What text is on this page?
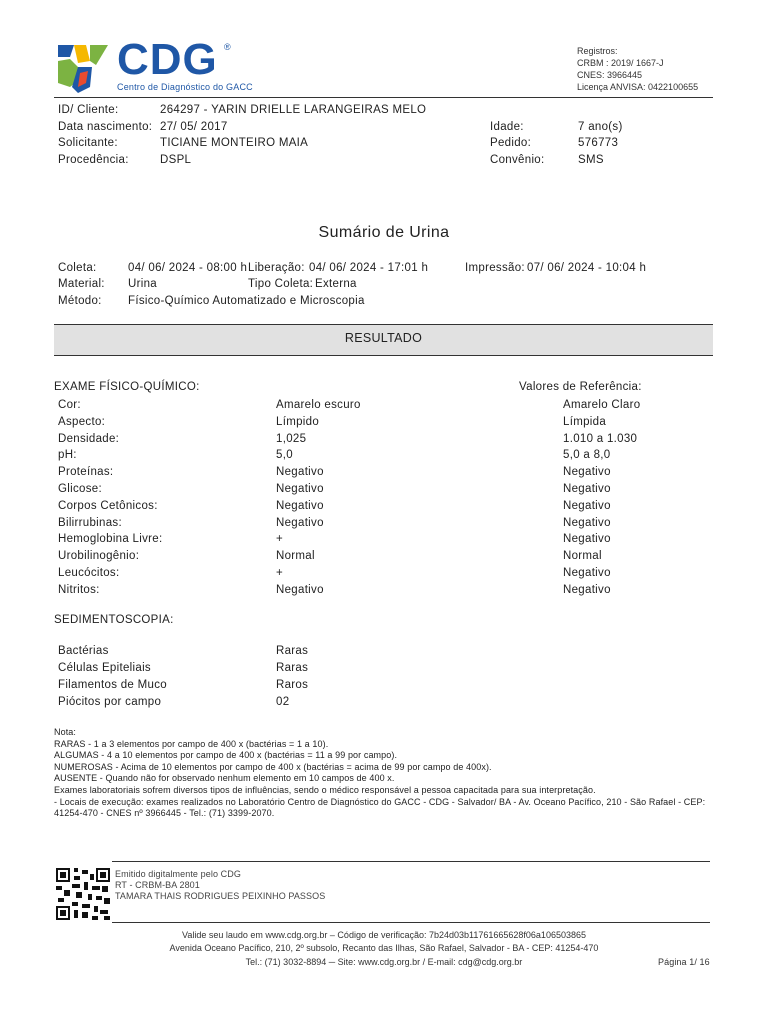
CDG ®
Centro de Diagnóstico do GACC
Registros:
CRBM : 2019/ 1667-J
CNES: 3966445
Licença ANVISA: 0422100655
ID/ Cliente:	264297 - YARIN DRIELLE LARANGEIRAS MELO
Data nascimento: 27/ 05/ 2017
Solicitante:	TICIANE MONTEIRO MAIA
Procedência:	DSPL
Idade:	7 ano(s)
Pedido:	576773
Convênio:	SMS
Sumário de Urina
Coleta:	04/ 06/ 2024 - 08:00 h Liberação: 04/ 06/ 2024 - 17:01 h	Impressão: 07/ 06/ 2024 - 10:04 h
Material: Urina	Tipo Coleta: Externa
Método: Físico-Químico Automatizado e Microscopia
RESULTADO
EXAME FÍSICO-QUÍMICO:	Valores de Referência:
Cor:	Amarelo escuro	Amarelo Claro
Aspecto:	Límpido	Límpida
Densidade:	1,025	1.010 a 1.030
pH:	5,0	5,0 a 8,0
Proteínas:	Negativo	Negativo
Glicose:	Negativo	Negativo
Corpos Cetônicos:	Negativo	Negativo
Bilirrubinas:	Negativo	Negativo
Hemoglobina Livre:	+	Negativo
Urobilinogênio:	Normal	Normal
Leucócitos:	+	Negativo
Nitritos:	Negativo	Negativo
SEDIMENTOSCOPIA:
Bactérias	Raras
Células Epiteliais	Raras
Filamentos de Muco	Raros
Piócitos por campo	02
Nota:
RARAS - 1 a 3 elementos por campo de 400 x (bactérias = 1 a 10).
ALGUMAS - 4 a 10 elementos por campo de 400 x (bactérias = 11 a 99 por campo).
NUMEROSAS - Acima de 10 elementos por campo de 400 x (bactérias = acima de 99 por campo de 400x).
AUSENTE - Quando não for observado nenhum elemento em 10 campos de 400 x.
Exames laboratoriais sofrem diversos tipos de influências, sendo o médico responsável a pessoa capacitada para sua interpretação.
- Locais de execução: exames realizados no Laboratório Centro de Diagnóstico do GACC - CDG - Salvador/ BA - Av. Oceano Pacífico, 210 - São Rafael - CEP:
41254-470 - CNES nº 3966445 - Tel.: (71) 3399-2070.
Emitido digitalmente pelo CDG
RT - CRBM-BA 2801
TAMARA THAIS RODRIGUES PEIXINHO PASSOS
Valide seu laudo em www.cdg.org.br – Código de verificação: 7b24d03b11761665628f06a106503865
Avenida Oceano Pacífico, 210, 2º subsolo, Recanto das Ilhas, São Rafael, Salvador - BA - CEP: 41254-470
Tel.: (71) 3032-8894 ─ Site: www.cdg.org.br / E-mail: cdg@cdg.org.br	Página 1/ 16
